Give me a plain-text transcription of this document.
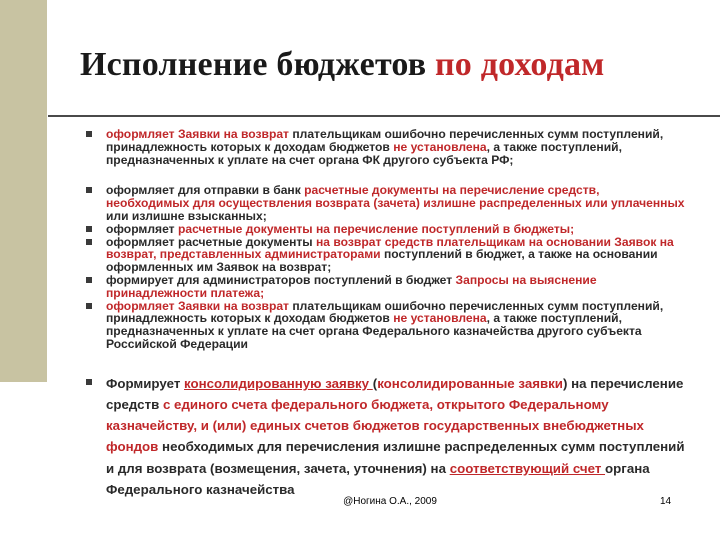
Исполнение бюджетов по доходам
оформляет Заявки на возврат плательщикам ошибочно перечисленных сумм поступлений, принадлежность которых к доходам бюджетов не установлена, а также поступлений, предназначенных к уплате на счет органа ФК другого субъекта РФ;
оформляет для отправки в банк расчетные документы на перечисление средств, необходимых для осуществления возврата (зачета) излишне распределенных или уплаченных или излишне взысканных;
оформляет расчетные документы на перечисление поступлений в бюджеты;
оформляет расчетные документы на возврат средств плательщикам на основании Заявок на возврат, представленных администраторами поступлений в бюджет, а также на основании оформленных им Заявок на возврат;
формирует для администраторов поступлений в бюджет Запросы на выяснение принадлежности платежа;
оформляет Заявки на возврат плательщикам ошибочно перечисленных сумм поступлений, принадлежность которых к доходам бюджетов не установлена, а также поступлений, предназначенных к уплате на счет органа Федерального казначейства другого субъекта Российской Федерации
Формирует консолидированную заявку (консолидированные заявки) на перечисление средств с единого счета федерального бюджета, открытого Федеральному казначейству, и (или) единых счетов бюджетов государственных внебюджетных фондов необходимых для перечисления излишне распределенных сумм поступлений и для возврата (возмещения, зачета, уточнения) на соответствующий счет органа Федерального казначейства
@Ногина О.А., 2009	14
